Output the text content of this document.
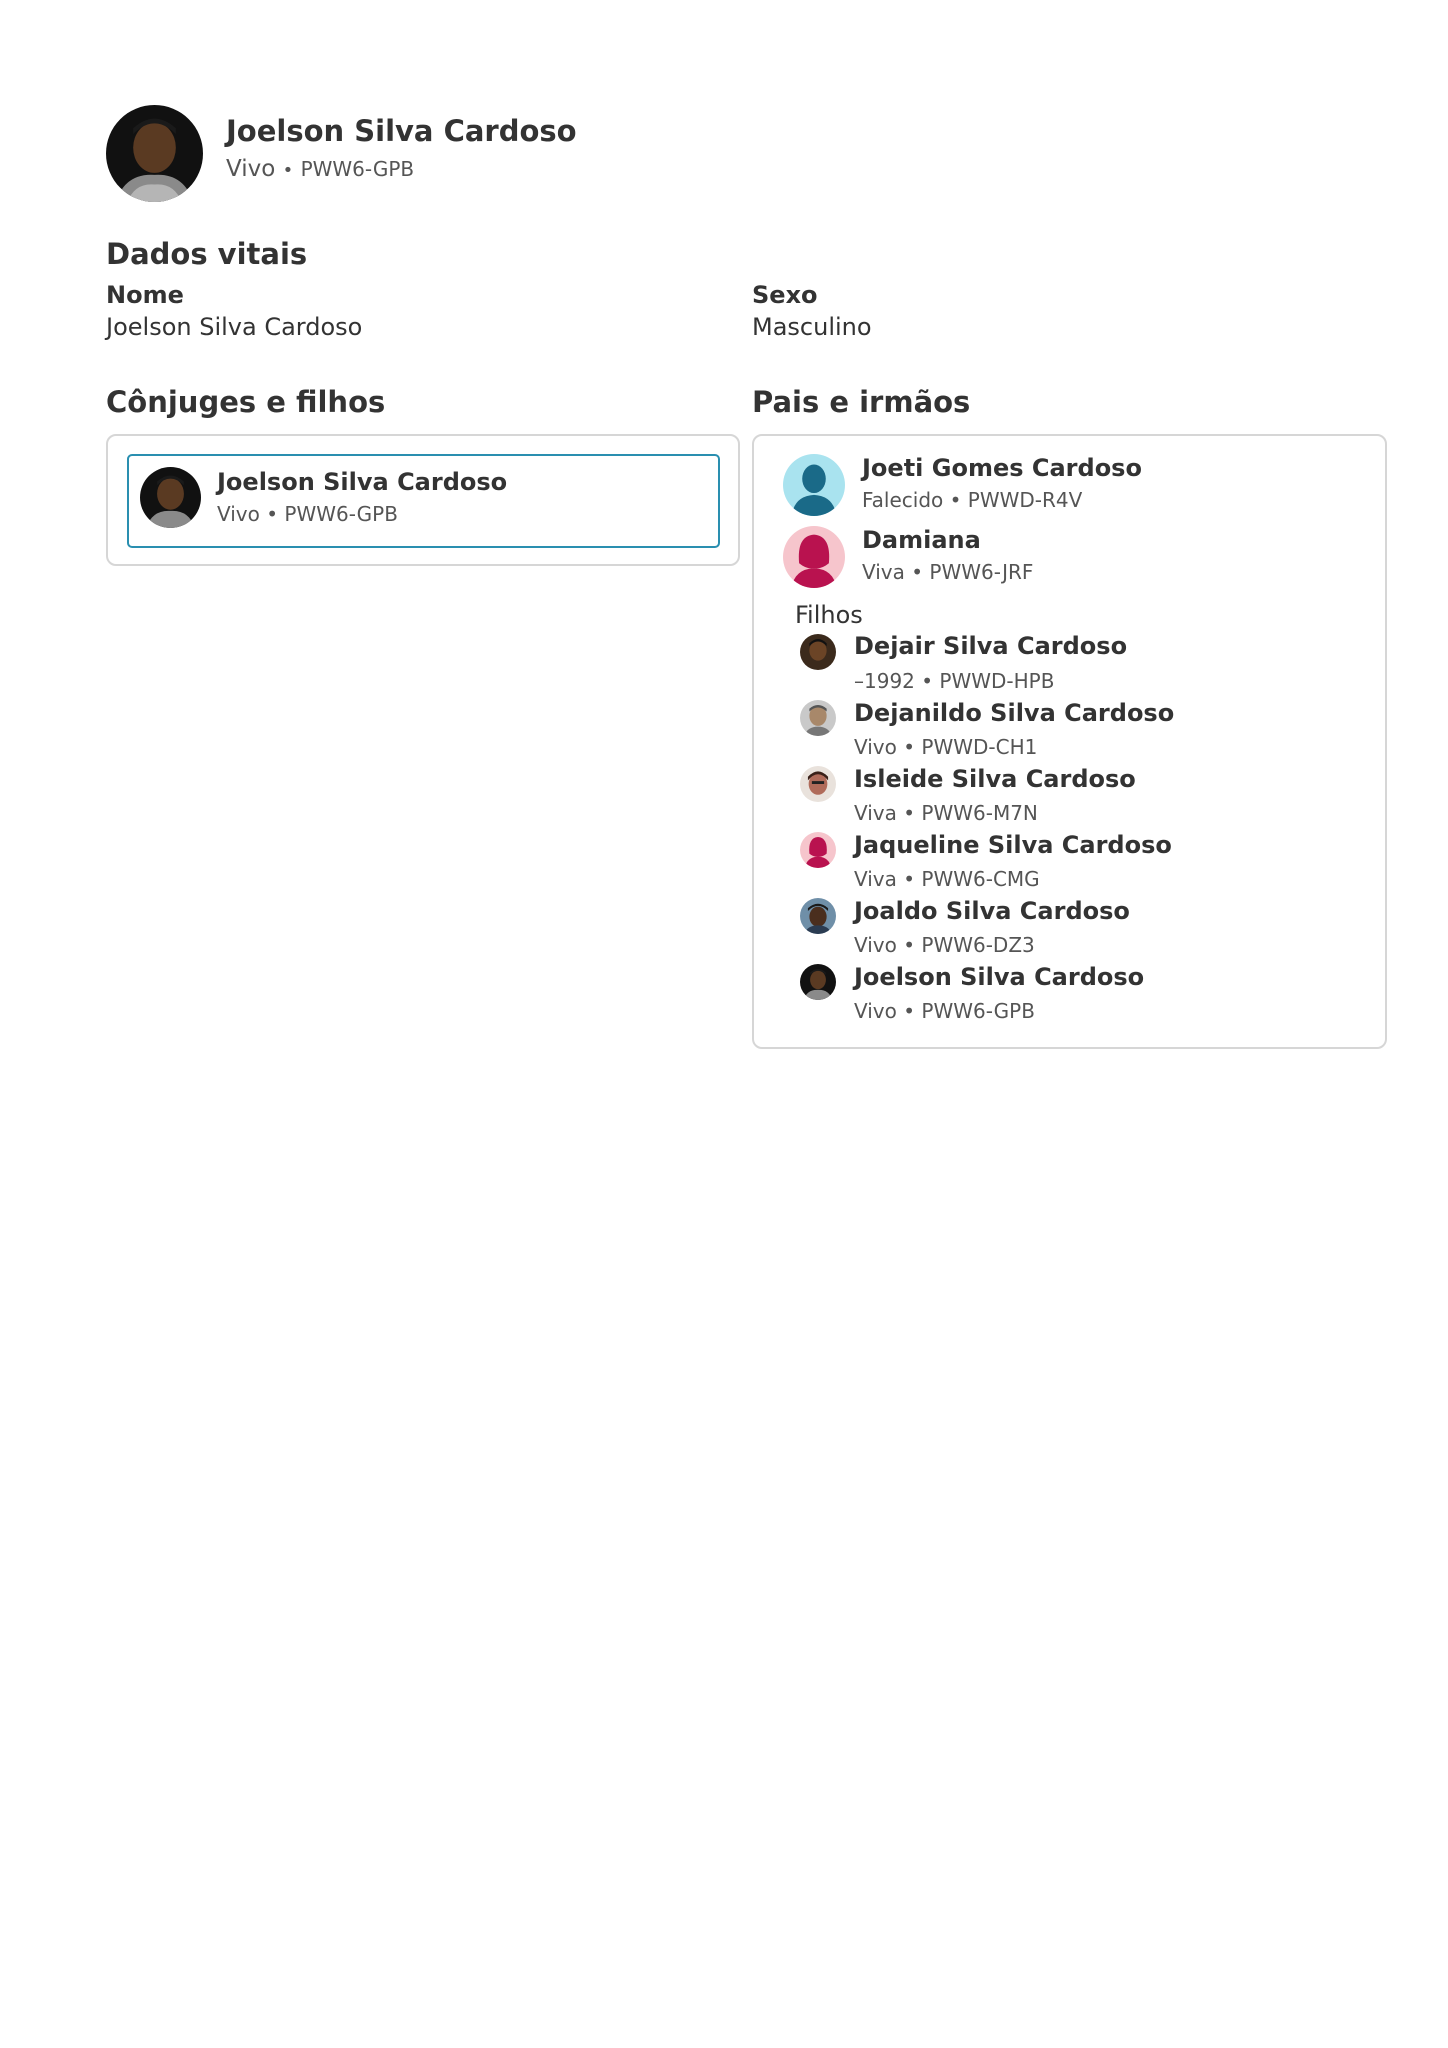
Joelson Silva Cardoso
Vivo • PWW6-GPB
Dados vitais
Nome
Joelson Silva Cardoso
Sexo
Masculino
Cônjuges e filhos
Joelson Silva Cardoso
Vivo • PWW6-GPB
Pais e irmãos
Joeti Gomes Cardoso
Falecido • PWWD-R4V
Damiana
Viva • PWW6-JRF
Filhos
Dejair Silva Cardoso
–1992 • PWWD-HPB
Dejanildo Silva Cardoso
Vivo • PWWD-CH1
Isleide Silva Cardoso
Viva • PWW6-M7N
Jaqueline Silva Cardoso
Viva • PWW6-CMG
Joaldo Silva Cardoso
Vivo • PWW6-DZ3
Joelson Silva Cardoso
Vivo • PWW6-GPB
